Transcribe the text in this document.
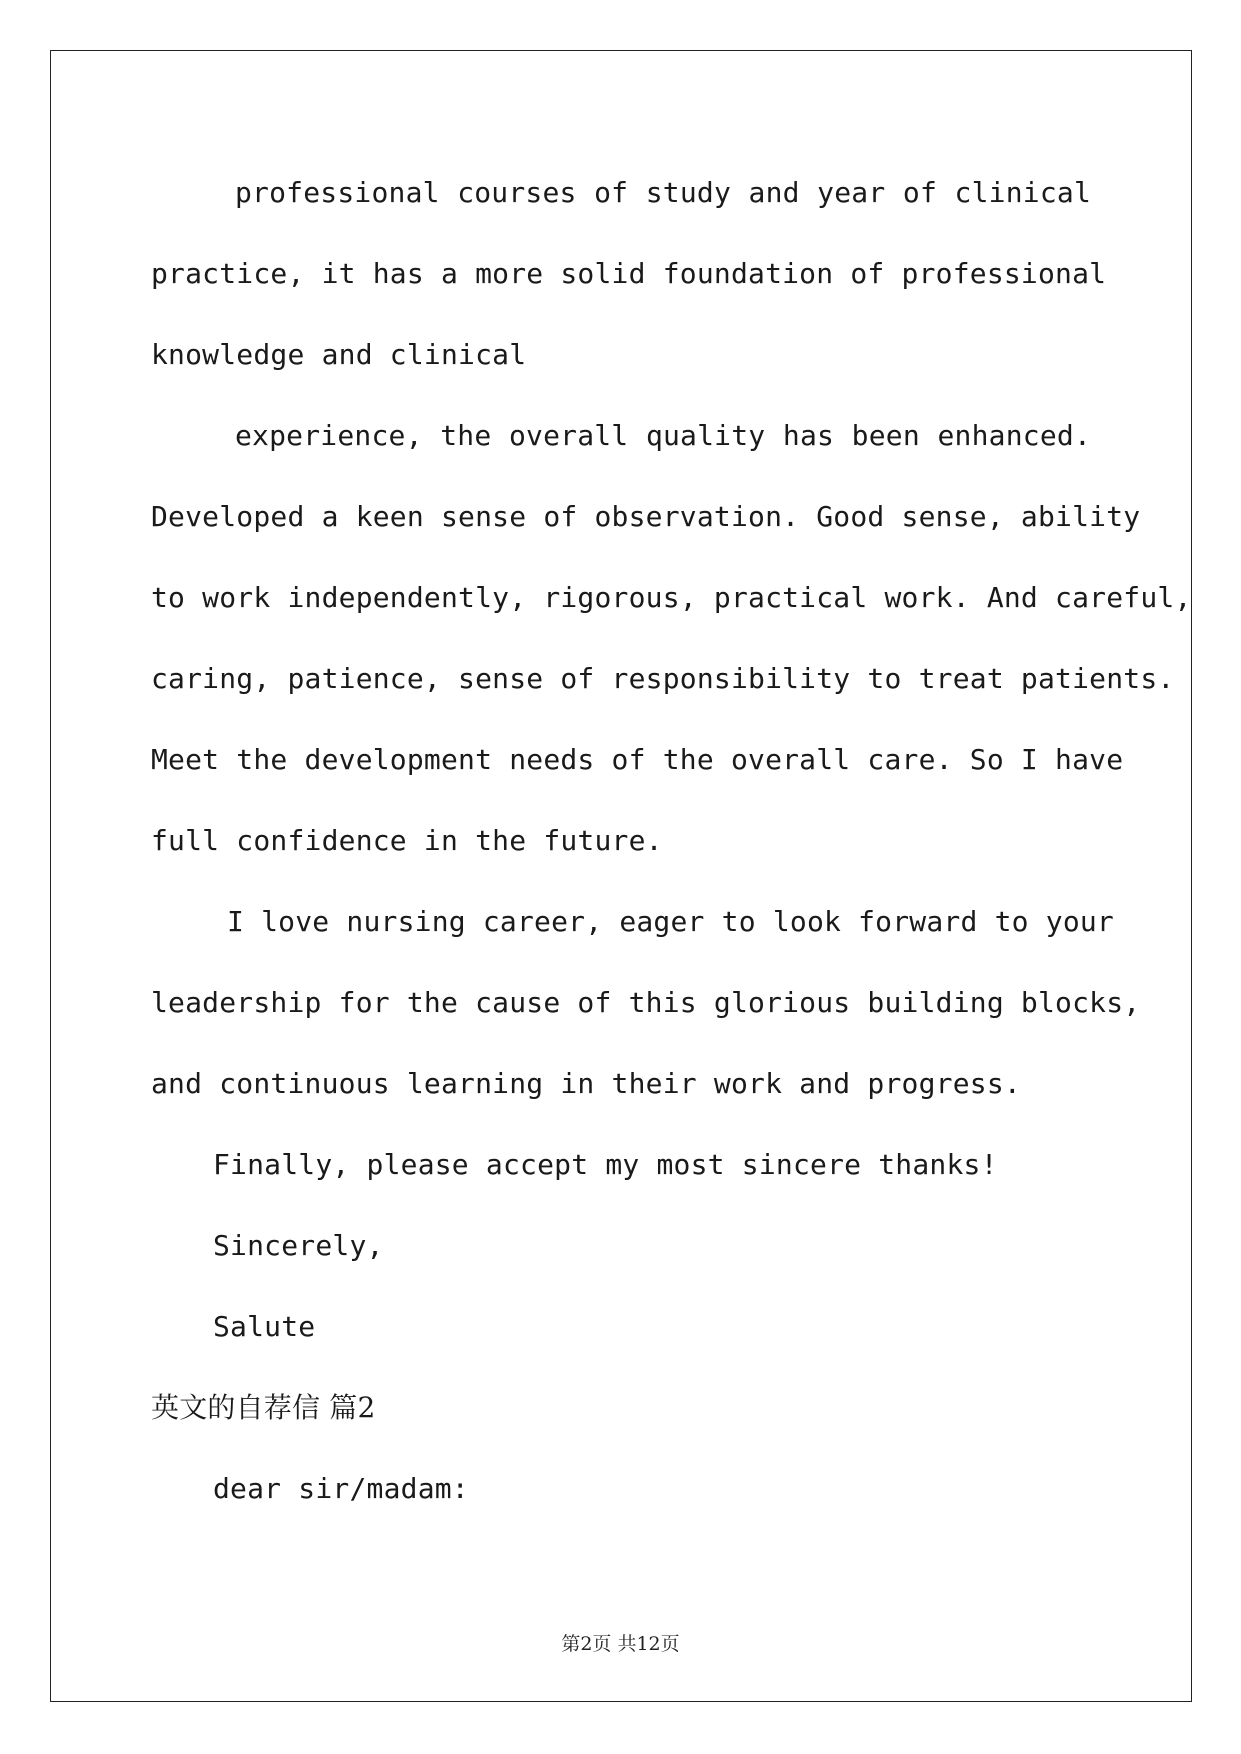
professional courses of study and year of clinical
practice, it has a more solid foundation of professional
knowledge and clinical
experience, the overall quality has been enhanced.
Developed a keen sense of observation. Good sense, ability
to work independently, rigorous, practical work. And careful,
caring, patience, sense of responsibility to treat patients.
Meet the development needs of the overall care. So I have
full confidence in the future.
I love nursing career, eager to look forward to your
leadership for the cause of this glorious building blocks,
and continuous learning in their work and progress.
Finally, please accept my most sincere thanks!
Sincerely,
Salute
英文的自荐信 篇2
dear sir/madam:
第2页 共12页
